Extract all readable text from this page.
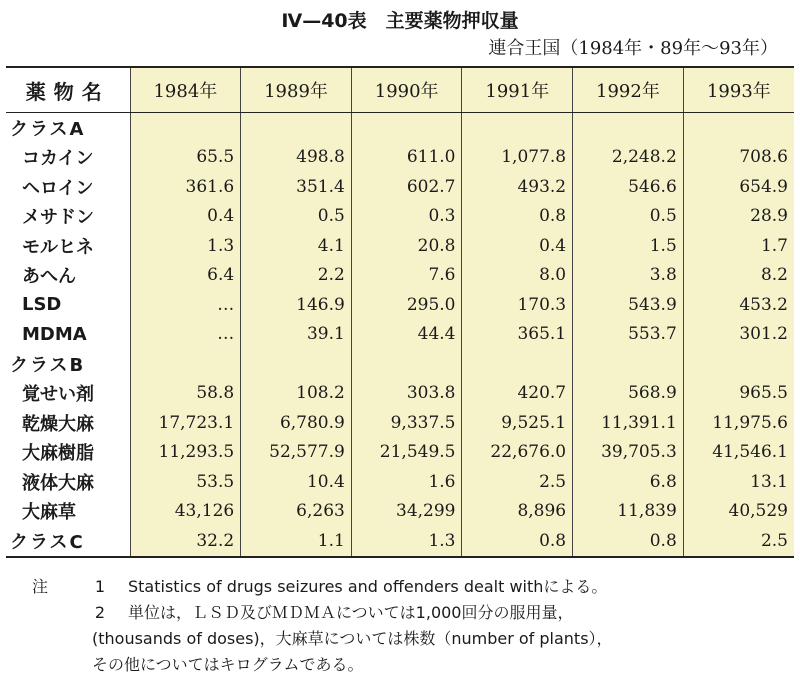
Ⅳ—40表　主要薬物押収量
連合王国（1984年・89年～93年）
薬物名	1984年	1989年	1990年	1991年	1992年	1993年
クラスA						
コカイン	65.5	498.8	611.0	1,077.8	2,248.2	708.6
ヘロイン	361.6	351.4	602.7	493.2	546.6	654.9
メサドン	0.4	0.5	0.3	0.8	0.5	28.9
モルヒネ	1.3	4.1	20.8	0.4	1.5	1.7
あへん	6.4	2.2	7.6	8.0	3.8	8.2
LSD	…	146.9	295.0	170.3	543.9	453.2
MDMA	…	39.1	44.4	365.1	553.7	301.2
クラスB						
覚せい剤	58.8	108.2	303.8	420.7	568.9	965.5
乾燥大麻	17,723.1	6,780.9	9,337.5	9,525.1	11,391.1	11,975.6
大麻樹脂	11,293.5	52,577.9	21,549.5	22,676.0	39,705.3	41,546.1
液体大麻	53.5	10.4	1.6	2.5	6.8	13.1
大麻草	43,126	6,263	34,299	8,896	11,839	40,529
クラスC	32.2	1.1	1.3	0.8	0.8	2.5
注	1	Statistics of drugs seizures and offenders dealt withによる。
2	単位は，ＬＳＤ及びＭＤＭＡについては1,000回分の服用量，
(thousands of doses)，大麻草については株数（number of plants），
その他についてはキログラムである。
